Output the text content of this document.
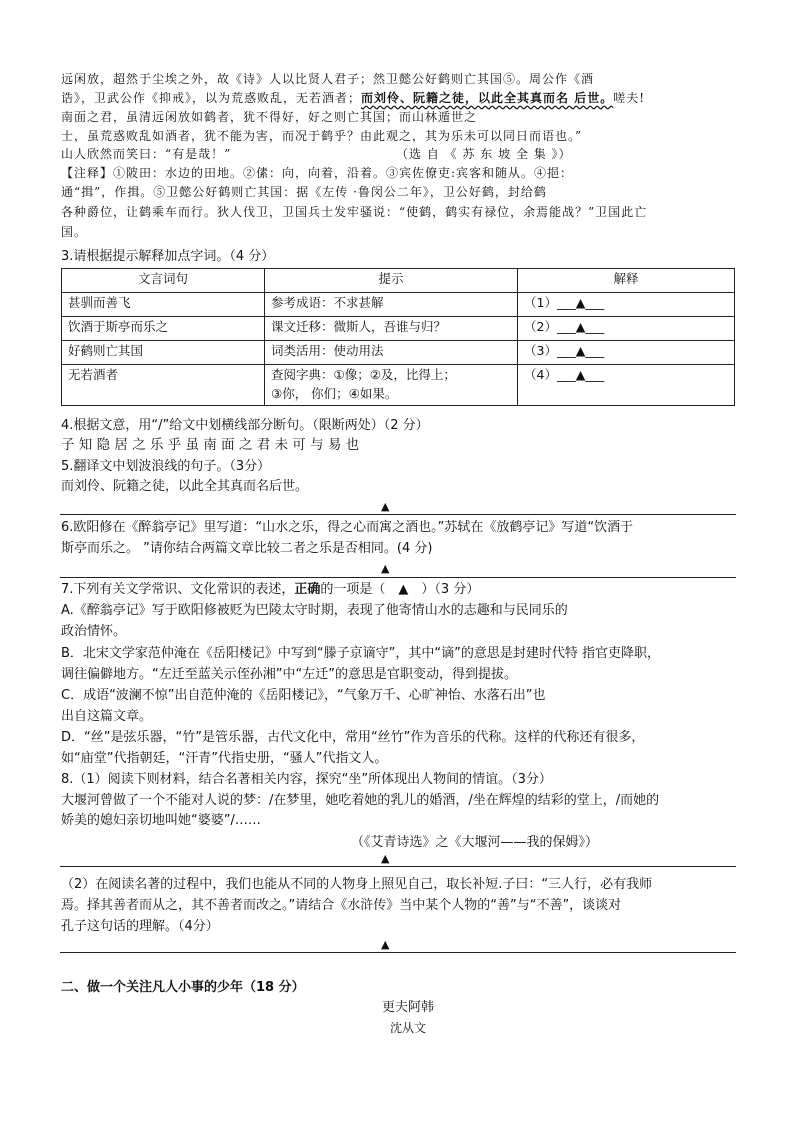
远闲放，超然于尘埃之外，故《诗》人以比贤人君子；然卫懿公好鹤则亡其国⑤。周公作《酒
诰》，卫武公作《抑戒》，以为荒惑败乱，无若酒者；而刘伶、阮籍之徒，以此全其真而名 后世。嗟夫!
南面之君，虽清远闲放如鹤者，犹不得好，好之则亡其国；而山林遁世之
士，虽荒惑败乱如酒者，犹不能为害，而况于鹤乎？由此观之，其为乐未可以同日而语也。”
山人欣然而笑曰：“有是哉！”	（选 自 《 苏 东 坡 全 集 》）
【注释】①陂田：水边的田地。②傃：向，向着，沿着。③宾佐僚吏:宾客和随从。④挹：
通“揖”，作揖。⑤卫懿公好鹤则亡其国：据《左传 ·鲁闵公二年》，卫公好鹤，封给鹤
各种爵位，让鹤乘车而行。狄人伐卫，卫国兵士发牢骚说：“使鹤，鹤实有禄位，余焉能战？”卫国此亡
国。
3.请根据提示解释加点字词。（4 分）
文言词句	提示	解释
甚驯而善飞	参考成语：不求甚解	（1）___▲___
饮酒于斯亭而乐之	课文迁移：微斯人，吾谁与归？	（2）___▲___
好鹤则亡其国	词类活用：使动用法	（3）___▲___
无若酒者	查阅字典：①像；②及，比得上；
③你， 你们；④如果。	（4）___▲___
4.根据文意，用“/”给文中划横线部分断句。（限断两处）（2 分）
子 知 隐 居 之 乐 乎 虽 南 面 之 君 未 可 与 易 也
5.翻译文中划波浪线的句子。（3分）
而刘伶、阮籍之徒，以此全其真而名后世。
▲
6.欧阳修在《醉翁亭记》里写道：“山水之乐，得之心而寓之酒也。”苏轼在《放鹤亭记》写道“饮酒于
斯亭而乐之。 ”请你结合两篇文章比较二者之乐是否相同。(4 分)
▲
7.下列有关文学常识、文化常识的表述，正确的一项是（　▲　）（3 分）
A.《醉翁亭记》写于欧阳修被贬为巴陵太守时期，表现了他寄情山水的志趣和与民同乐的
政治情怀。
B．北宋文学家范仲淹在《岳阳楼记》中写到“滕子京谪守”，其中“谪”的意思是封建时代特 指官吏降职，
调往偏僻地方。“左迁至蓝关示侄孙湘”中“左迁”的意思是官职变动，得到提拔。
C．成语“波澜不惊”出自范仲淹的《岳阳楼记》，“气象万千、心旷神怡、水落石出”也
出自这篇文章。
D．“丝”是弦乐器，“竹”是管乐器，古代文化中，常用“丝竹”作为音乐的代称。这样的代称还有很多，
如“庙堂”代指朝廷，“汗青”代指史册，“骚人”代指文人。
8.（1）阅读下则材料，结合名著相关内容，探究“坐”所体现出人物间的情谊。（3分）
大堰河曾做了一个不能对人说的梦：/在梦里，她吃着她的乳儿的婚酒，/坐在辉煌的结彩的堂上，/而她的
娇美的媳妇亲切地叫她“婆婆”/……
（《艾青诗选》之《大堰河——我的保姆》）
▲
（2）在阅读名著的过程中，我们也能从不同的人物身上照见自己，取长补短.子曰：“三人行，必有我师
焉。择其善者而从之，其不善者而改之。”请结合《水浒传》当中某个人物的“善”与“不善”，谈谈对
孔子这句话的理解。（4分）
▲
二、做一个关注凡人小事的少年（18 分）
更夫阿韩
沈从文
